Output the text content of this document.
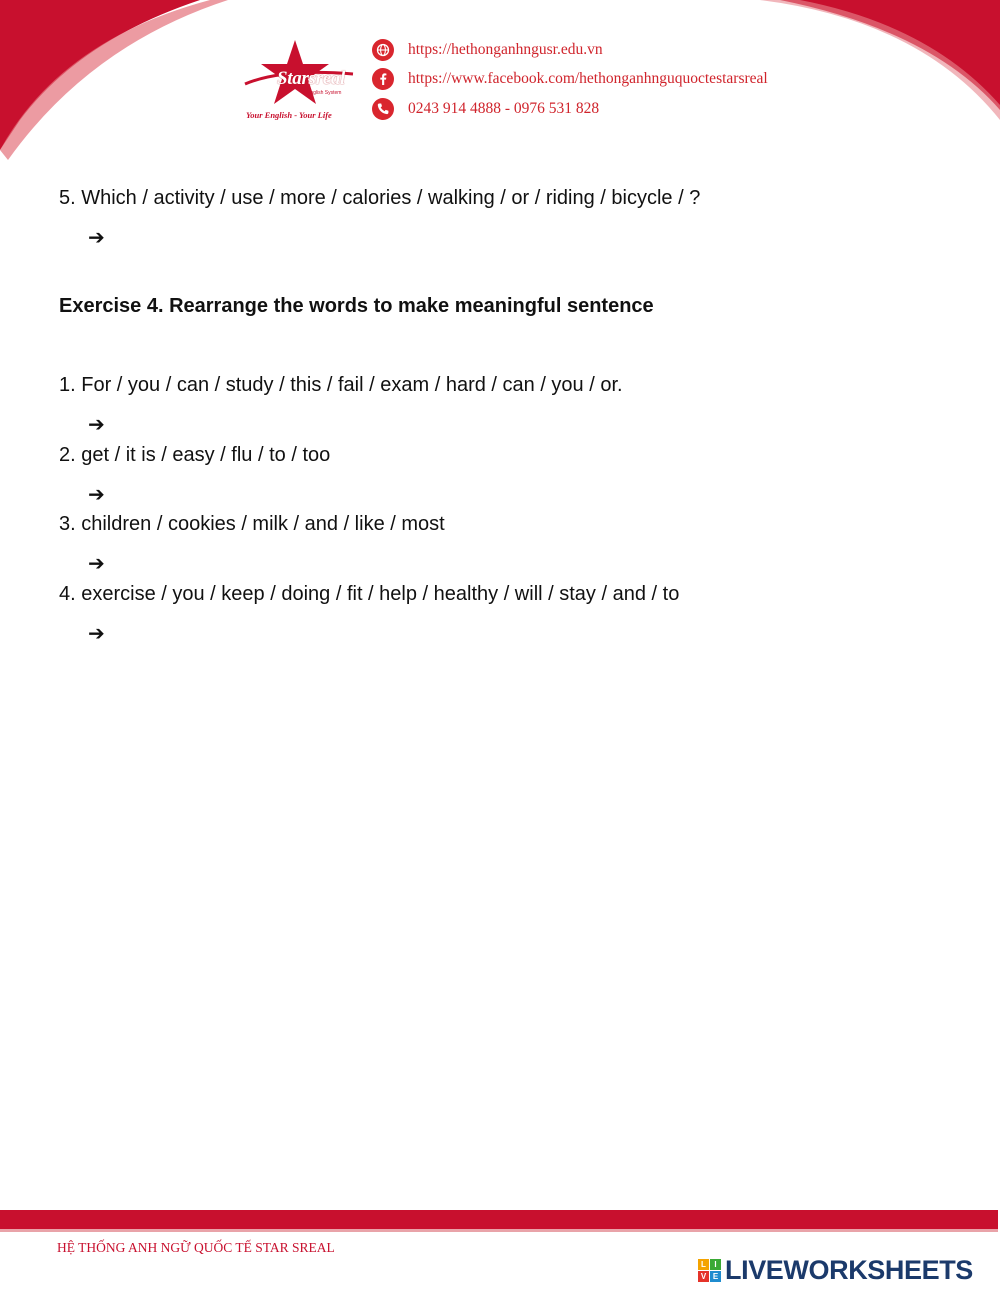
Starsreal
English System
Your English - Your Life
https://hethonganhngusr.edu.vn
https://www.facebook.com/hethonganhnguquoctestarsreal
0243 914 4888 - 0976 531 828
5. Which / activity / use / more / calories / walking / or / riding / bicycle / ?
➔
Exercise 4. Rearrange the words to make meaningful sentence
1. For / you / can / study / this / fail / exam / hard / can / you / or.
➔
2. get / it is / easy / flu / to / too
➔
3. children / cookies / milk / and / like / most
➔
4. exercise / you / keep / doing / fit / help / healthy / will / stay / and / to
➔
HỆ THỐNG ANH NGỮ QUỐC TẾ STAR SREAL
L	I
V E LIVEWORKSHEETS
